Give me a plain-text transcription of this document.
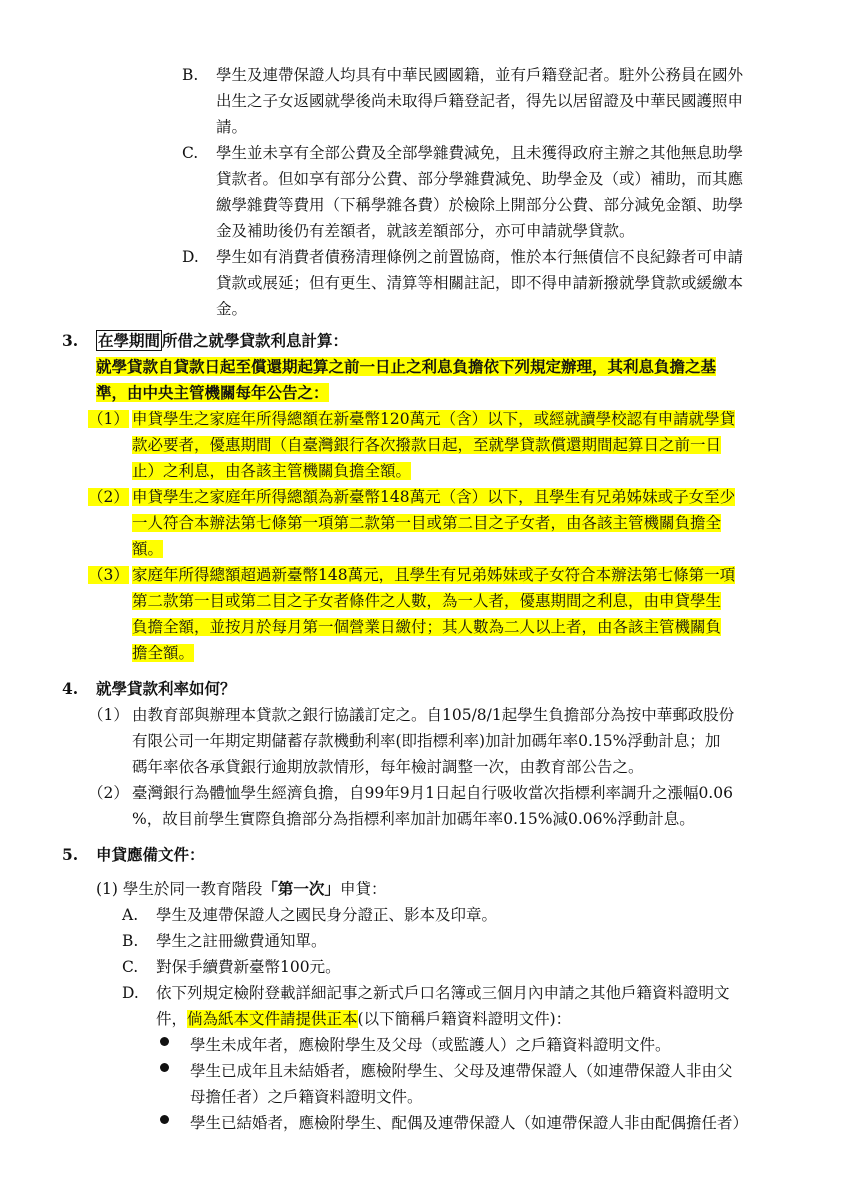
B. 學生及連帶保證人均具有中華民國國籍，並有戶籍登記者。駐外公務員在國外
出生之子女返國就學後尚未取得戶籍登記者，得先以居留證及中華民國護照申
請。
C. 學生並未享有全部公費及全部學雜費減免，且未獲得政府主辦之其他無息助學
貸款者。但如享有部分公費、部分學雜費減免、助學金及（或）補助，而其應
繳學雜費等費用（下稱學雜各費）於檢除上開部分公費、部分減免金額、助學
金及補助後仍有差額者，就該差額部分，亦可申請就學貸款。
D. 學生如有消費者債務清理條例之前置協商，惟於本行無債信不良紀錄者可申請
貸款或展延；但有更生、清算等相關註記，即不得申請新撥就學貸款或緩繳本
金。
3. 在學期間 所借之就學貸款利息計算：
就學貸款自貸款日起至償還期起算之前一日止之利息負擔依下列規定辦理，其利息負擔之基
準，由中央主管機關每年公告之：
（1） 申貸學生之家庭年所得總額在新臺幣120萬元（含）以下，或經就讀學校認有申請就學貸
款必要者，優惠期間（自臺灣銀行各次撥款日起，至就學貸款償還期間起算日之前一日
止）之利息，由各該主管機關負擔全額。
（2） 申貸學生之家庭年所得總額為新臺幣148萬元（含）以下，且學生有兄弟姊妹或子女至少
一人符合本辦法第七條第一項第二款第一目或第二目之子女者，由各該主管機關負擔全
額。
（3） 家庭年所得總額超過新臺幣148萬元，且學生有兄弟姊妹或子女符合本辦法第七條第一項
第二款第一目或第二目之子女者條件之人數，為一人者，優惠期間之利息，由申貸學生
負擔全額，並按月於每月第一個營業日繳付；其人數為二人以上者，由各該主管機關負
擔全額。
4. 就學貸款利率如何？
（1） 由教育部與辦理本貸款之銀行協議訂定之。自105/8/1起學生負擔部分為按中華郵政股份
有限公司一年期定期儲蓄存款機動利率(即指標利率)加計加碼年率0.15%浮動計息；加
碼年率依各承貸銀行逾期放款情形，每年檢討調整一次，由教育部公告之。
（2） 臺灣銀行為體恤學生經濟負擔，自99年9月1日起自行吸收當次指標利率調升之漲幅0.06
%，故目前學生實際負擔部分為指標利率加計加碼年率0.15%減0.06%浮動計息。
5. 申貸應備文件：
(1) 學生於同一教育階段「第一次」申貸：
A. 學生及連帶保證人之國民身分證正、影本及印章。
B. 學生之註冊繳費通知單。
C. 對保手續費新臺幣100元。
D. 依下列規定檢附登載詳細記事之新式戶口名簿或三個月內申請之其他戶籍資料證明文
件，倘為紙本文件請提供正本(以下簡稱戶籍資料證明文件)：
學生未成年者，應檢附學生及父母（或監護人）之戶籍資料證明文件。
學生已成年且未結婚者，應檢附學生、父母及連帶保證人（如連帶保證人非由父
母擔任者）之戶籍資料證明文件。
學生已結婚者，應檢附學生、配偶及連帶保證人（如連帶保證人非由配偶擔任者）
